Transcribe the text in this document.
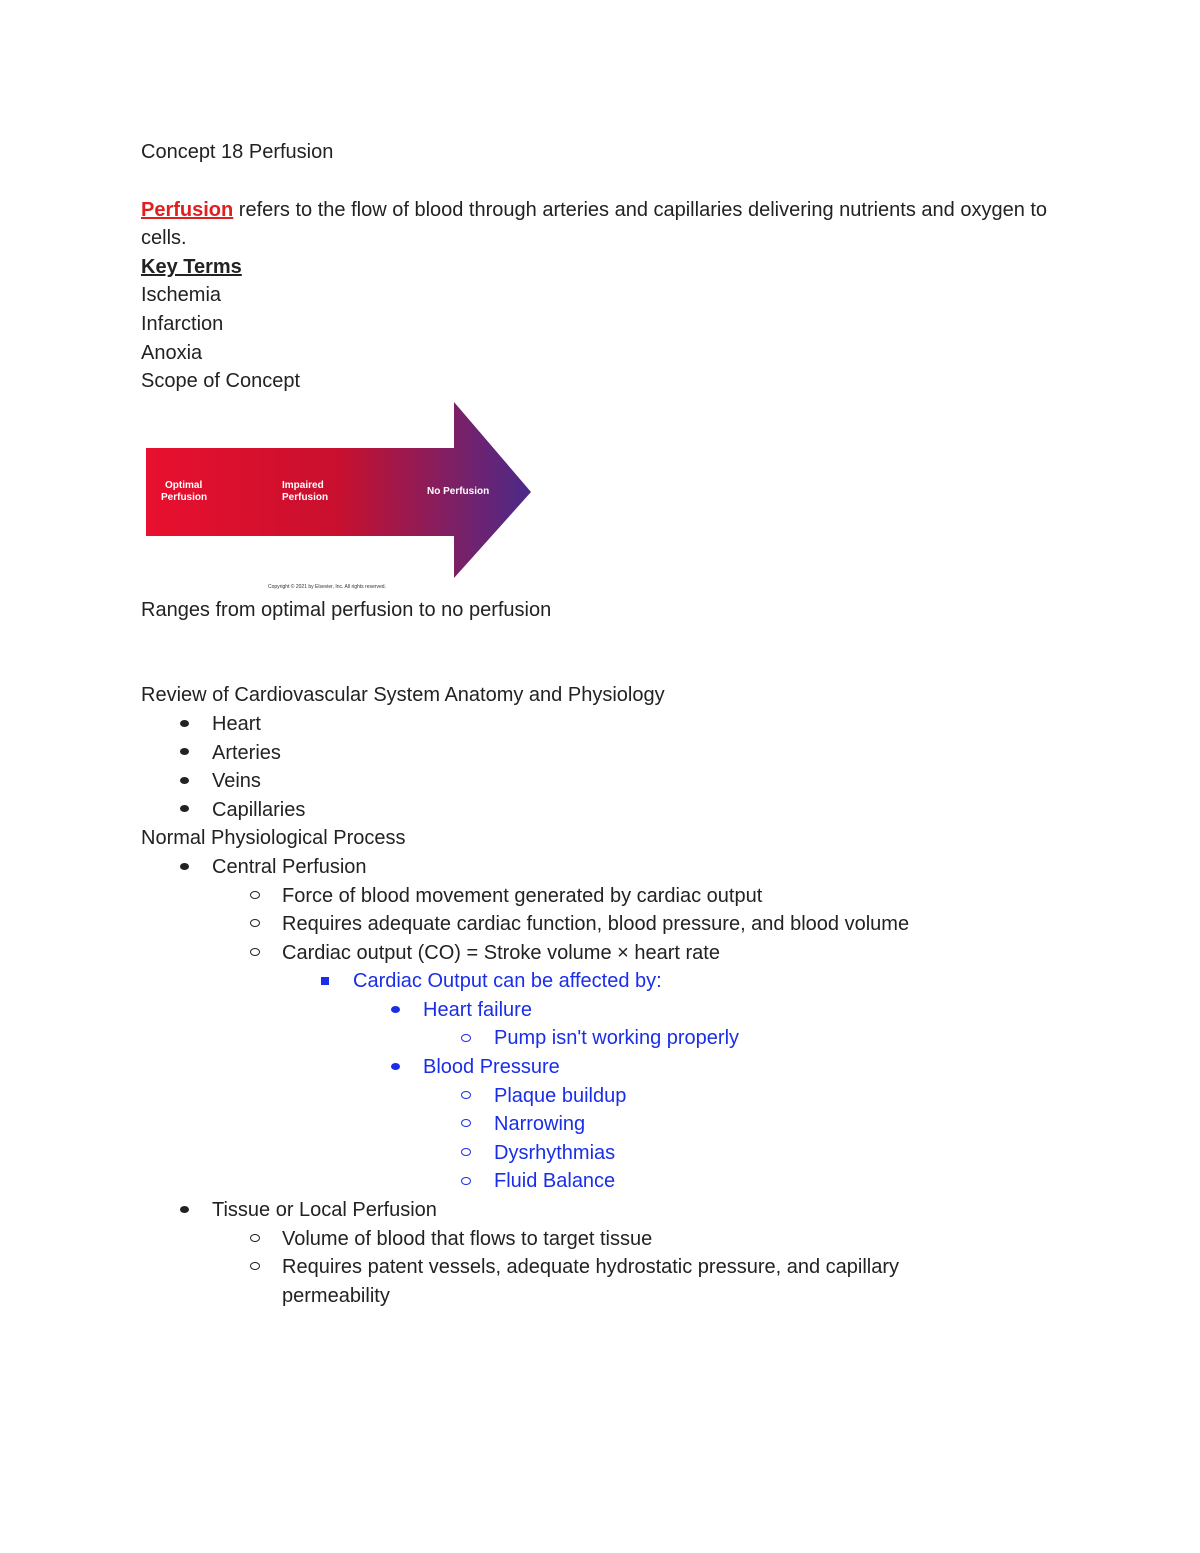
Concept 18 Perfusion

Perfusion refers to the flow of blood through arteries and capillaries delivering nutrients and oxygen to cells.

Key Terms

Ischemia

Infarction

Anoxia

Scope of Concept

Optimal
Perfusion
Impaired
Perfusion
No Perfusion
Copyright © 2021 by Elsevier, Inc. All rights reserved.

Ranges from optimal perfusion to no perfusion

Review of Cardiovascular System Anatomy and Physiology

Heart
Arteries
Veins
Capillaries

Normal Physiological Process

Central Perfusion
Force of blood movement generated by cardiac output
Requires adequate cardiac function, blood pressure, and blood volume
Cardiac output (CO) = Stroke volume × heart rate
Cardiac Output can be affected by:
Heart failure
Pump isn't working properly
Blood Pressure
Plaque buildup
Narrowing
Dysrhythmias
Fluid Balance
Tissue or Local Perfusion
Volume of blood that flows to target tissue
Requires patent vessels, adequate hydrostatic pressure, and capillary permeability
